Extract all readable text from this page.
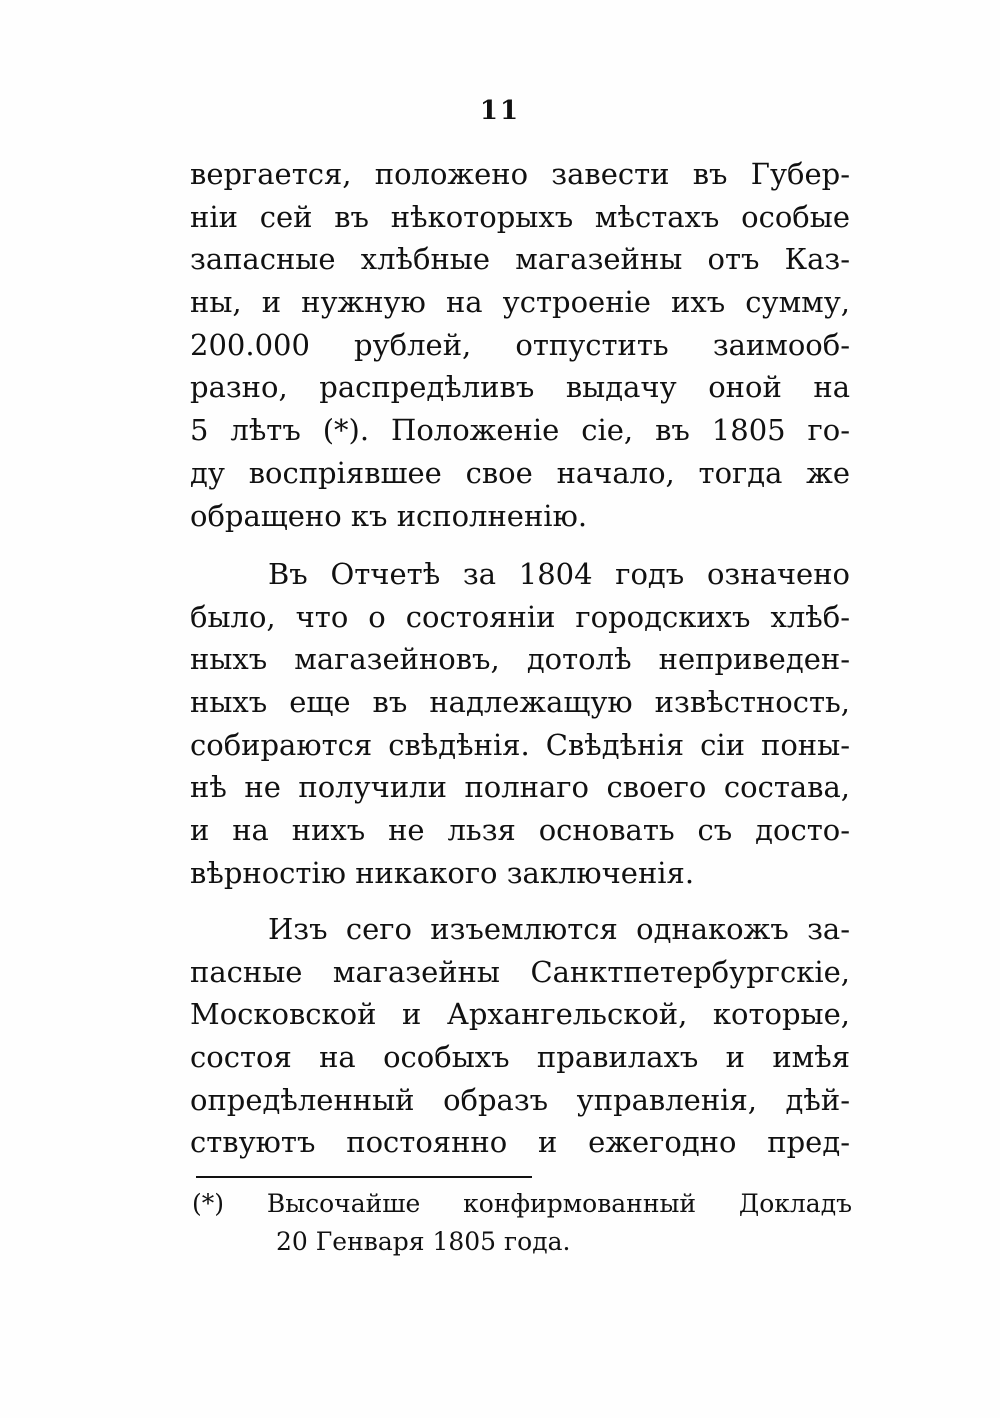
11
вергается, положено завести въ Губер-
ніи сей въ нѣкоторыхъ мѣстахъ особые
запасные хлѣбные магазейны отъ Каз-
ны, и нужную на устроеніе ихъ сумму,
200.000 рублей, отпустить заимооб-
разно, распредѣливъ выдачу оной на
5 лѣтъ (*). Положеніе сіе, въ 1805 го-
ду воспріявшее свое начало, тогда же
обращено къ исполненію.
Въ Отчетѣ за 1804 годъ означено
было, что о состояніи городскихъ хлѣб-
ныхъ магазейновъ, дотолѣ неприведен-
ныхъ еще въ надлежащую извѣстность,
собираются свѣдѣнія. Свѣдѣнія сіи поны-
нѣ не получили полнаго своего состава,
и на нихъ не льзя основать съ досто-
вѣрностію никакого заключенія.
Изъ сего изъемлются однакожъ за-
пасные магазейны Санктпетербургскіе,
Московской и Архангельской, которые,
состоя на особыхъ правилахъ и имѣя
опредѣленный образъ управленія, дѣй-
ствуютъ постоянно и ежегодно пред-
(*) Высочайше конфирмованный Докладъ
20 Генваря 1805 года.
